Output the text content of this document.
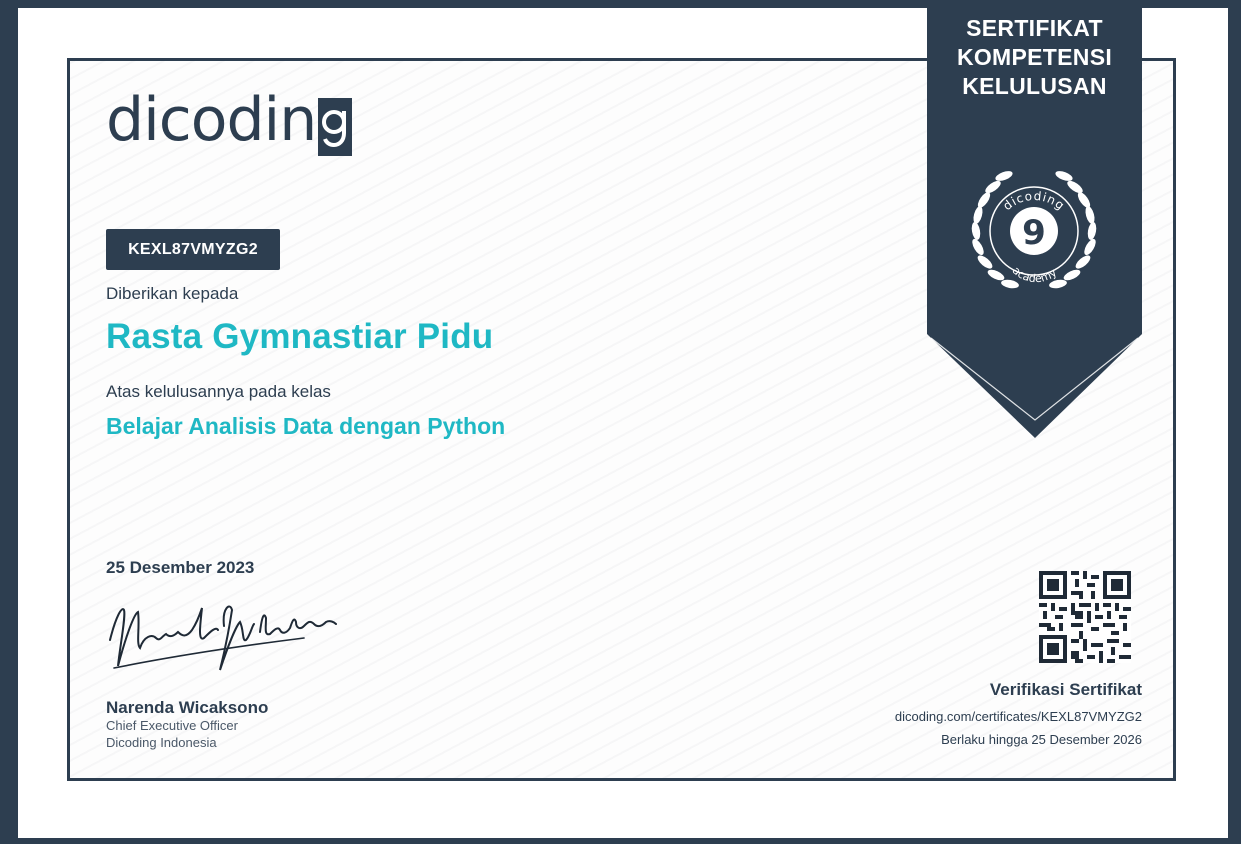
dicodin
KEXL87VMYZG2
Diberikan kepada
Rasta Gymnastiar Pidu
Atas kelulusannya pada kelas
Belajar Analisis Data dengan Python
25 Desember 2023
Narenda Wicaksono
Chief Executive Officer
Dicoding Indonesia
Verifikasi Sertifikat
dicoding.com/certificates/KEXL87VMYZG2
Berlaku hingga 25 Desember 2026
SERTIFIKAT
KOMPETENSI
KELULUSAN
9
dicoding
academy
